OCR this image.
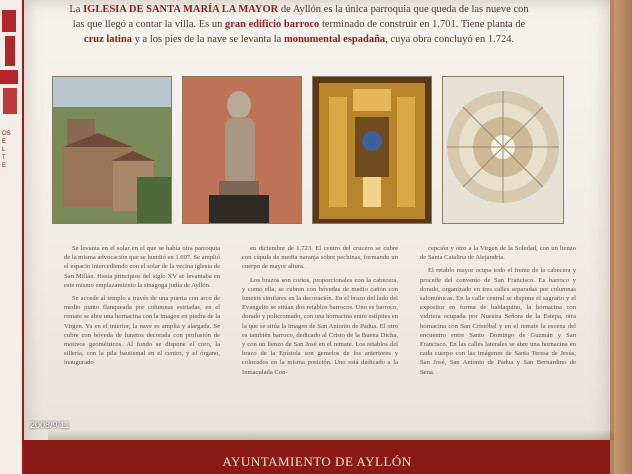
OS
E
L
T
E
La IGLESIA DE SANTA MARÍA LA MAYOR de Ayllón es la única parroquia que queda de las nueve con las que llegó a contar la villa. Es un gran edificio barroco terminado de construir en 1.701. Tiene planta de cruz latina y a los pies de la nave se levanta la monumental espadaña, cuya obra concluyó en 1.724.

Se levanta en el solar en el que se había otra parroquia de la misma advocación que se hundió en 1.697. Se amplió el espacio intercediendo con el solar de la vecina iglesia de San Millán. Hasta principios del siglo XV se levantaba en este mismo emplazamiento la sinagoga judía de Ayllón.

Se accede al templo a través de una puerta con arco de medio punto flanqueada por columnas estriadas, en el remate se abre una hornacina con la imagen en piedra de la Virgen. Ya en el interior, la nave es amplia y alargada. Se cubre con bóveda de lunetos decorada con profusión de motivos geométricos. Al fondo se dispone el coro, la sillería, con la pila bautismal en el centro, y el órgano, inaugurado

en diciembre de 1.723. El centro del crucero se cubre con cúpula de media naranja sobre pechinas, formando un cuerpo de mayor altura.

Los brazos son cortos, proporcionales con la cabecera, y como ella, se cubren con bóvedas de medio cañón con lunetos similares en la decoración. En el brazo del lado del Evangelio se sitúan dos retablos barrocos. Uno es barroco, dorado y policromado, con una hornacina entre estípites en la que se sitúa la imagen de San Antonio de Padua. El otro es también barroco, dedicado al Cristo de la Buena Dicha, y con un lienzo de San José en el remate. Los retablos del brazo de la Epístola son gemelos de los anteriores y colocados en la misma posición. Uno está dedicado a la Inmaculada Con-

cepción y otro a la Virgen de la Soledad, con un lienzo de Santa Catalina de Alejandría.

El retablo mayor ocupa todo el frente de la cabecera y procede del convento de San Francisco. Es barroco y dorado, organizado en tres calles separadas por columnas salomónicas. En la calle central se dispone el sagrario y el expositor en forma de baldaquino, la hornacina con vidriera ocupada por Nuestra Señora de la Estepa, otra hornacina con San Cristóbal y en el remate la escena del encuentro entre Santo Domingo de Guzmán y San Francisco. En las calles laterales se abre una hornacina en cada cuerpo con las imágenes de Santa Teresa de Jesús, San José, San Antonio de Padua y San Bernardino de Sena.

AYUNTAMIENTO DE AYLLÓN
2008/9/11
